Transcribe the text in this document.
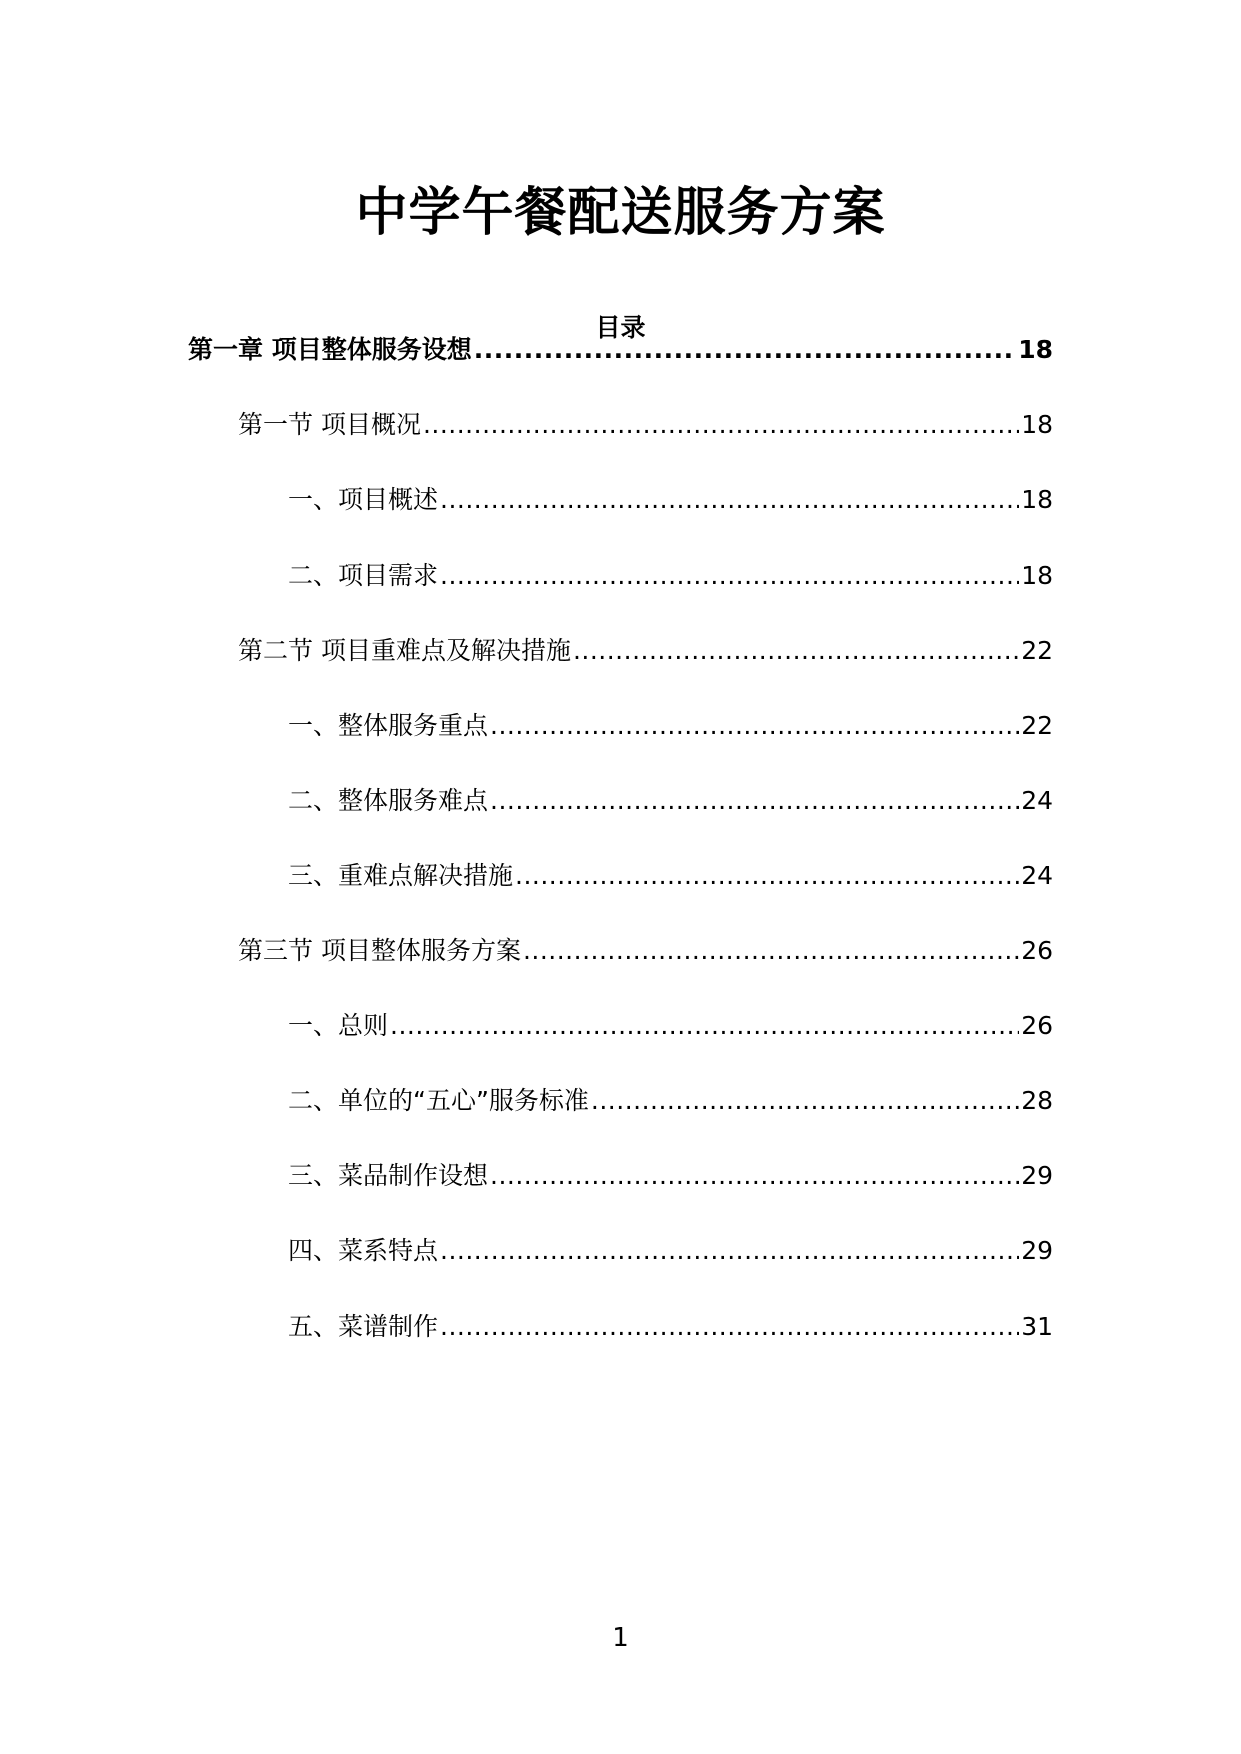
中学午餐配送服务方案
目录
第一章 项目整体服务设想 .....	18
第一节 项目概况 .....	18
一、项目概述 .....	18
二、项目需求 .....	18
第二节 项目重难点及解决措施 .....	22
一、整体服务重点 .....	22
二、整体服务难点 .....	24
三、重难点解决措施 .....	24
第三节 项目整体服务方案 .....	26
一、总则 .....	26
二、单位的“五心”服务标准 .....	28
三、菜品制作设想 .....	29
四、菜系特点 .....	29
五、菜谱制作 .....	31
1
